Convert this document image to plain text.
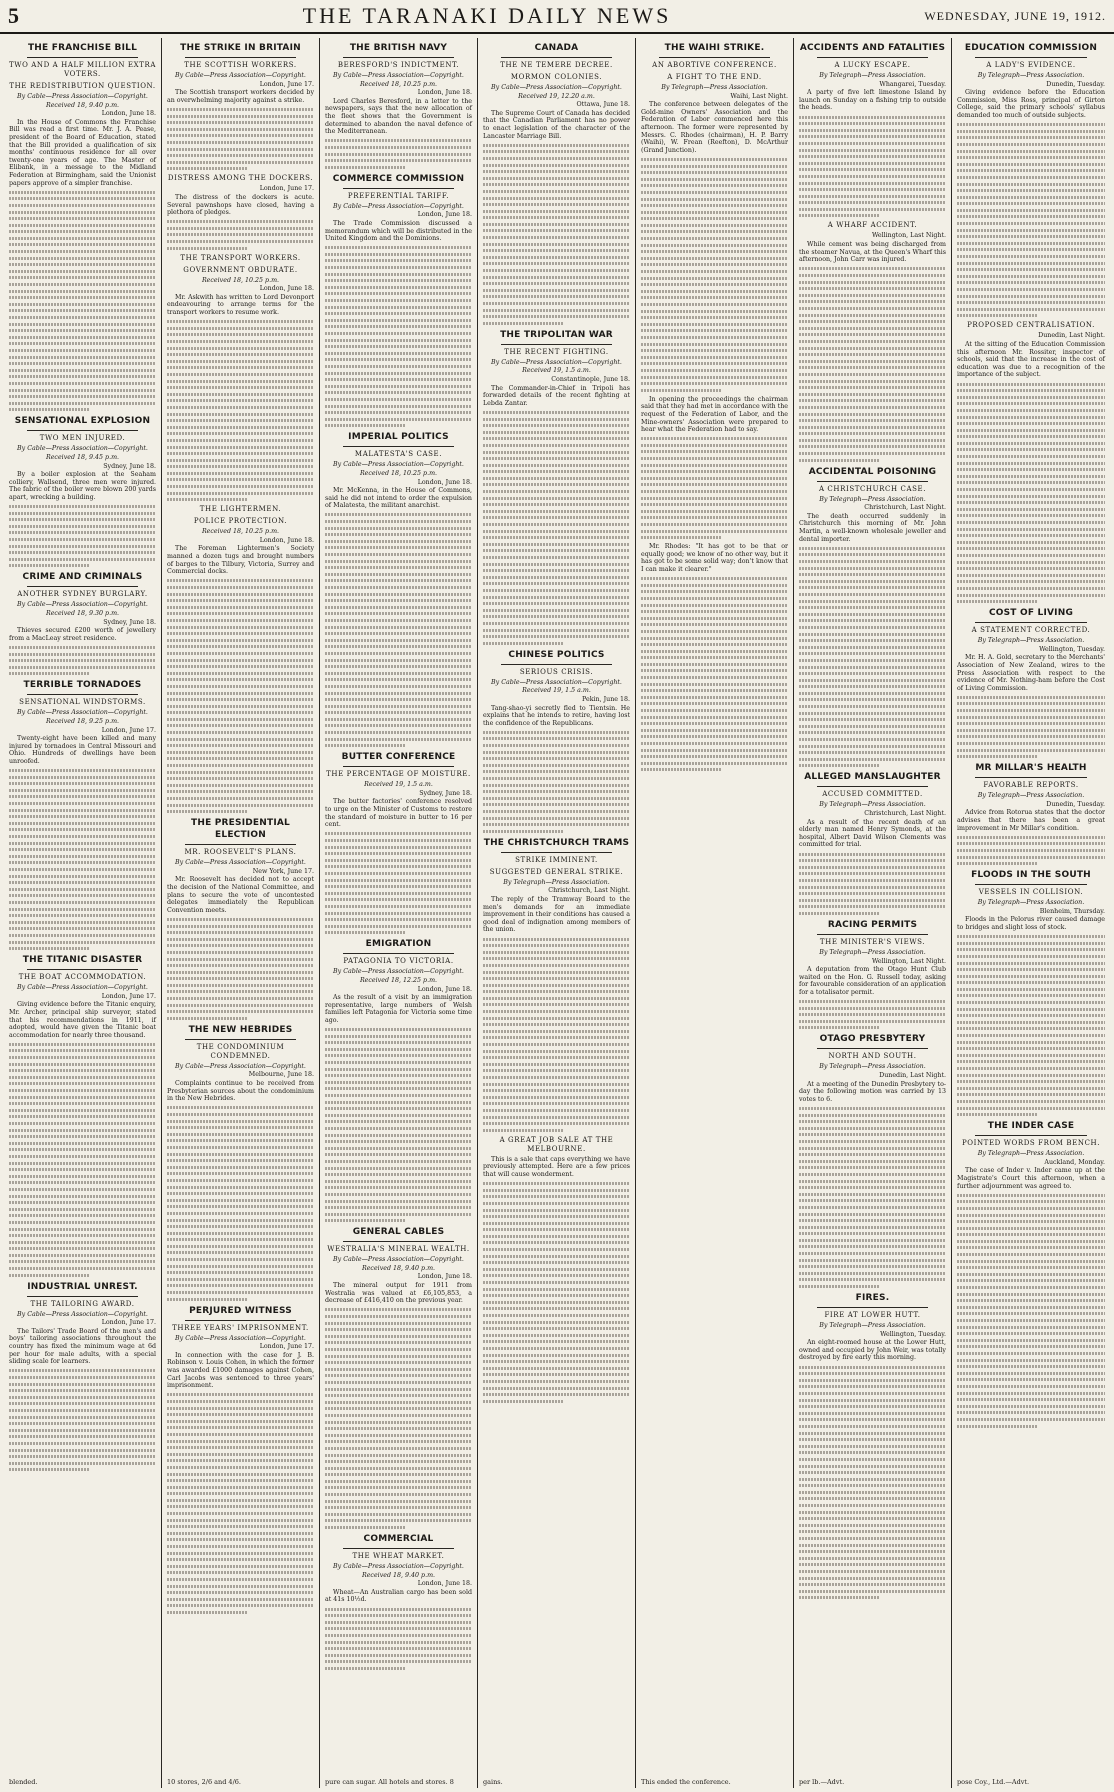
5	THE TARANAKI DAILY NEWS	WEDNESDAY, JUNE 19, 1912.
THE FRANCHISE BILL
TWO AND A HALF MILLION EXTRA VOTERS.
THE REDISTRIBUTION QUESTION.
By Cable—Press Association—Copyright.
Received 18, 9.40 p.m.
London, June 18.
In the House of Commons the Franchise Bill was read a first time. Mr. J. A. Pease, president of the Board of Education, stated that the Bill provided a qualification of six months' continuous residence for all over twenty-one years of age. The Master of Elibank, in a message to the Midland Federation at Birmingham, said the Unionist papers approve of a simpler franchise.
SENSATIONAL EXPLOSION
TWO MEN INJURED.
By Cable—Press Association—Copyright.
Received 18, 9.45 p.m.
Sydney, June 18.
By a boiler explosion at the Seaham colliery, Wallsend, three men were injured. The fabric of the boiler were blown 200 yards apart, wrecking a building.
CRIME AND CRIMINALS
ANOTHER SYDNEY BURGLARY.
By Cable—Press Association—Copyright.
Received 18, 9.30 p.m.
Sydney, June 18.
Thieves secured £200 worth of jewellery from a MacLeay street residence.
TERRIBLE TORNADOES
SENSATIONAL WINDSTORMS.
By Cable—Press Association—Copyright.
Received 18, 9.25 p.m.
London, June 17.
Twenty-eight have been killed and many injured by tornadoes in Central Missouri and Ohio. Hundreds of dwellings have been unroofed.
THE TITANIC DISASTER
THE BOAT ACCOMMODATION.
By Cable—Press Association—Copyright.
London, June 17.
Giving evidence before the Titanic enquiry, Mr. Archer, principal ship surveyor, stated that his recommendations in 1911, if adopted, would have given the Titanic boat accommodation for nearly three thousand.
INDUSTRIAL UNREST.
THE TAILORING AWARD.
By Cable—Press Association—Copyright.
London, June 17.
The Tailors' Trade Board of the men's and boys' tailoring associations throughout the country has fixed the minimum wage at 6d per hour for male adults, with a special sliding scale for learners.
THE STRIKE IN BRITAIN
THE SCOTTISH WORKERS.
By Cable—Press Association—Copyright.
London, June 17.
The Scottish transport workers decided by an overwhelming majority against a strike.
DISTRESS AMONG THE DOCKERS.
London, June 17.
The distress of the dockers is acute. Several pawnshops have closed, having a plethora of pledges.
THE TRANSPORT WORKERS.
GOVERNMENT OBDURATE.
Received 18, 10.25 p.m.
London, June 18.
Mr. Askwith has written to Lord Devonport endeavouring to arrange terms for the transport workers to resume work.
THE LIGHTERMEN.
POLICE PROTECTION.
Received 18, 10.25 p.m.
London, June 18.
The Foreman Lightermen's Society manned a dozen tugs and brought numbers of barges to the Tilbury, Victoria, Surrey and Commercial docks.
THE PRESIDENTIAL ELECTION
MR. ROOSEVELT'S PLANS.
By Cable—Press Association—Copyright.
New York, June 17.
Mr. Roosevelt has decided not to accept the decision of the National Committee, and plans to secure the vote of uncontested delegates immediately the Republican Convention meets.
THE NEW HEBRIDES
THE CONDOMINIUM CONDEMNED.
By Cable—Press Association—Copyright.
Melbourne, June 18.
Complaints continue to be received from Presbyterian sources about the condominium in the New Hebrides.
PERJURED WITNESS
THREE YEARS' IMPRISONMENT.
By Cable—Press Association—Copyright.
London, June 17.
In connection with the case for J. B. Robinson v. Louis Cohen, in which the former was awarded £1000 damages against Cohen, Carl Jacobs was sentenced to three years' imprisonment.
THE BRITISH NAVY
BERESFORD'S INDICTMENT.
By Cable—Press Association—Copyright.
Received 18, 10.25 p.m.
London, June 18.
Lord Charles Beresford, in a letter to the newspapers, says that the new allocation of the fleet shows that the Government is determined to abandon the naval defence of the Mediterranean.
COMMERCE COMMISSION
PREFERENTIAL TARIFF.
By Cable—Press Association—Copyright.
London, June 18.
The Trade Commission discussed a memorandum which will be distributed in the United Kingdom and the Dominions.
IMPERIAL POLITICS
MALATESTA'S CASE.
By Cable—Press Association—Copyright.
Received 18, 10.25 p.m.
London, June 18.
Mr. McKenna, in the House of Commons, said he did not intend to order the expulsion of Malatesta, the militant anarchist.
BUTTER CONFERENCE
THE PERCENTAGE OF MOISTURE.
Received 19, 1.5 a.m.
Sydney, June 18.
The butter factories' conference resolved to urge on the Minister of Customs to restore the standard of moisture in butter to 16 per cent.
EMIGRATION
PATAGONIA TO VICTORIA.
By Cable—Press Association—Copyright.
Received 18, 12.25 p.m.
London, June 18.
As the result of a visit by an immigration representative, large numbers of Welsh families left Patagonia for Victoria some time ago.
GENERAL CABLES
WESTRALIA'S MINERAL WEALTH.
By Cable—Press Association—Copyright.
Received 18, 9.40 p.m.
London, June 18.
The mineral output for 1911 from Westralia was valued at £6,105,853, a decrease of £416,410 on the previous year.
COMMERCIAL
THE WHEAT MARKET.
By Cable—Press Association—Copyright.
Received 18, 9.40 p.m.
London, June 18.
Wheat—An Australian cargo has been sold at 41s 10½d.
CANADA
THE NE TEMERE DECREE.
MORMON COLONIES.
By Cable—Press Association—Copyright.
Received 19, 12.20 a.m.
Ottawa, June 18.
The Supreme Court of Canada has decided that the Canadian Parliament has no power to enact legislation of the character of the Lancaster Marriage Bill.
THE TRIPOLITAN WAR
THE RECENT FIGHTING.
By Cable—Press Association—Copyright.
Received 19, 1.5 a.m.
Constantinople, June 18.
The Commander-in-Chief in Tripoli has forwarded details of the recent fighting at Lebda Zantar.
CHINESE POLITICS
SERIOUS CRISIS.
By Cable—Press Association—Copyright.
Received 19, 1.5 a.m.
Pekin, June 18.
Tang-shao-yi secretly fled to Tientsin. He explains that he intends to retire, having lost the confidence of the Republicans.
THE CHRISTCHURCH TRAMS
STRIKE IMMINENT.
SUGGESTED GENERAL STRIKE.
By Telegraph—Press Association.
Christchurch, Last Night.
The reply of the Tramway Board to the men's demands for an immediate improvement in their conditions has caused a good deal of indignation among members of the union.
A GREAT JOB SALE AT THE MELBOURNE.
This is a sale that caps everything we have previously attempted. Here are a few prices that will cause wonderment.
THE WAIHI STRIKE.
AN ABORTIVE CONFERENCE.
A FIGHT TO THE END.
By Telegraph—Press Association.
Waihi, Last Night.
The conference between delegates of the Gold-mine Owners' Association and the Federation of Labor commenced here this afternoon. The former were represented by Messrs. C. Rhodes (chairman), H. P. Barry (Waihi), W. Frean (Reefton), D. McArthur (Grand Junction).
In opening the proceedings the chairman said that they had met in accordance with the request of the Federation of Labor, and the Mine-owners' Association were prepared to hear what the Federation had to say.
Mr. Rhodes: "It has got to be that or equally good; we know of no other way, but it has got to be some solid way; don't know that I can make it clearer."
ACCIDENTS AND FATALITIES
A LUCKY ESCAPE.
By Telegraph—Press Association.
Whangarei, Tuesday.
A party of five left limestone Island by launch on Sunday on a fishing trip to outside the heads.
A WHARF ACCIDENT.
Wellington, Last Night.
While cement was being discharged from the steamer Navua, at the Queen's Wharf this afternoon, John Carr was injured.
ACCIDENTAL POISONING
A CHRISTCHURCH CASE.
By Telegraph—Press Association.
Christchurch, Last Night.
The death occurred suddenly in Christchurch this morning of Mr. John Martin, a well-known wholesale jeweller and dental importer.
ALLEGED MANSLAUGHTER
ACCUSED COMMITTED.
By Telegraph—Press Association.
Christchurch, Last Night.
As a result of the recent death of an elderly man named Henry Symonds, at the hospital, Albert David Wilson Clements was committed for trial.
RACING PERMITS
THE MINISTER'S VIEWS.
By Telegraph—Press Association.
Wellington, Last Night.
A deputation from the Otago Hunt Club waited on the Hon. G. Russell today, asking for favourable consideration of an application for a totalisator permit.
OTAGO PRESBYTERY
NORTH AND SOUTH.
By Telegraph—Press Association.
Dunedin, Last Night.
At a meeting of the Dunedin Presbytery to-day the following motion was carried by 13 votes to 6.
FIRES.
FIRE AT LOWER HUTT.
By Telegraph—Press Association.
Wellington, Tuesday.
An eight-roomed house at the Lower Hutt, owned and occupied by John Weir, was totally destroyed by fire early this morning.
EDUCATION COMMISSION
A LADY'S EVIDENCE.
By Telegraph—Press Association.
Dunedin, Tuesday.
Giving evidence before the Education Commission, Miss Ross, principal of Girton College, said the primary schools' syllabus demanded too much of outside subjects.
PROPOSED CENTRALISATION.
Dunedin, Last Night.
At the sitting of the Education Commission this afternoon Mr. Rossiter, inspector of schools, said that the increase in the cost of education was due to a recognition of the importance of the subject.
COST OF LIVING
A STATEMENT CORRECTED.
By Telegraph—Press Association.
Wellington, Tuesday.
Mr. H. A. Gold, secretary to the Merchants' Association of New Zealand, wires to the Press Association with respect to the evidence of Mr. Nothing-ham before the Cost of Living Commission.
MR MILLAR'S HEALTH
FAVORABLE REPORTS.
By Telegraph—Press Association.
Dunedin, Tuesday.
Advice from Rotorua states that the doctor advises that there has been a great improvement in Mr Millar's condition.
FLOODS IN THE SOUTH
VESSELS IN COLLISION.
By Telegraph—Press Association.
Blenheim, Thursday.
Floods in the Pelorus river caused damage to bridges and slight loss of stock.
THE INDER CASE
POINTED WORDS FROM BENCH.
By Telegraph—Press Association.
Auckland, Monday.
The case of Inder v. Inder came up at the Magistrate's Court this afternoon, when a further adjournment was agreed to.
blended.	10 stores, 2/6 and 4/6.	pure can sugar. All hotels and stores. 8	gains.	This ended the conference.	per lb.—Advt.	pose Coy., Ltd.—Advt.
